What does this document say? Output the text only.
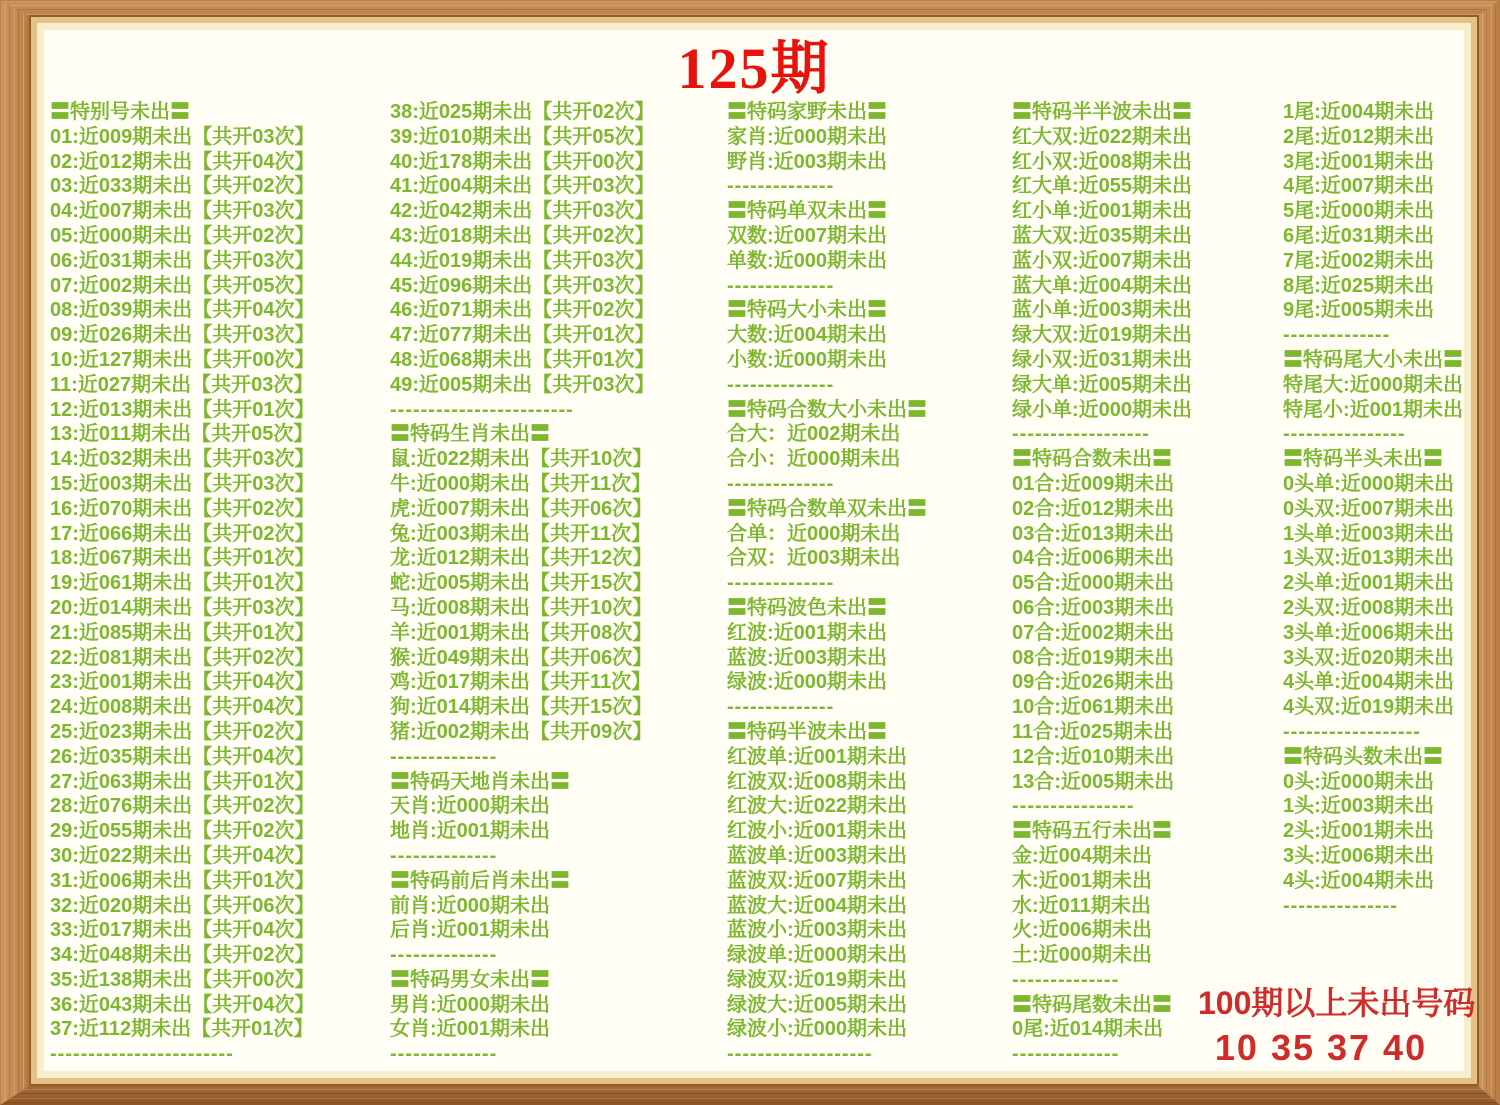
125期
〓特别号未出〓
01:近009期未出【共开03次】
02:近012期未出【共开04次】
03:近033期未出【共开02次】
04:近007期未出【共开03次】
05:近000期未出【共开02次】
06:近031期未出【共开03次】
07:近002期未出【共开05次】
08:近039期未出【共开04次】
09:近026期未出【共开03次】
10:近127期未出【共开00次】
11:近027期未出【共开03次】
12:近013期未出【共开01次】
13:近011期未出【共开05次】
14:近032期未出【共开03次】
15:近003期未出【共开03次】
16:近070期未出【共开02次】
17:近066期未出【共开02次】
18:近067期未出【共开01次】
19:近061期未出【共开01次】
20:近014期未出【共开03次】
21:近085期未出【共开01次】
22:近081期未出【共开02次】
23:近001期未出【共开04次】
24:近008期未出【共开04次】
25:近023期未出【共开02次】
26:近035期未出【共开04次】
27:近063期未出【共开01次】
28:近076期未出【共开02次】
29:近055期未出【共开02次】
30:近022期未出【共开04次】
31:近006期未出【共开01次】
32:近020期未出【共开06次】
33:近017期未出【共开04次】
34:近048期未出【共开02次】
35:近138期未出【共开00次】
36:近043期未出【共开04次】
37:近112期未出【共开01次】
------------------------
38:近025期未出【共开02次】
39:近010期未出【共开05次】
40:近178期未出【共开00次】
41:近004期未出【共开03次】
42:近042期未出【共开03次】
43:近018期未出【共开02次】
44:近019期未出【共开03次】
45:近096期未出【共开03次】
46:近071期未出【共开02次】
47:近077期未出【共开01次】
48:近068期未出【共开01次】
49:近005期未出【共开03次】
------------------------
〓特码生肖未出〓
鼠:近022期未出【共开10次】
牛:近000期未出【共开11次】
虎:近007期未出【共开06次】
兔:近003期未出【共开11次】
龙:近012期未出【共开12次】
蛇:近005期未出【共开15次】
马:近008期未出【共开10次】
羊:近001期未出【共开08次】
猴:近049期未出【共开06次】
鸡:近017期未出【共开11次】
狗:近014期未出【共开15次】
猪:近002期未出【共开09次】
--------------
〓特码天地肖未出〓
天肖:近000期未出
地肖:近001期未出
--------------
〓特码前后肖未出〓
前肖:近000期未出
后肖:近001期未出
--------------
〓特码男女未出〓
男肖:近000期未出
女肖:近001期未出
--------------
〓特码家野未出〓
家肖:近000期未出
野肖:近003期未出
--------------
〓特码单双未出〓
双数:近007期未出
单数:近000期未出
--------------
〓特码大小未出〓
大数:近004期未出
小数:近000期未出
--------------
〓特码合数大小未出〓
合大：近002期未出
合小：近000期未出
--------------
〓特码合数单双未出〓
合单：近000期未出
合双：近003期未出
--------------
〓特码波色未出〓
红波:近001期未出
蓝波:近003期未出
绿波:近000期未出
--------------
〓特码半波未出〓
红波单:近001期未出
红波双:近008期未出
红波大:近022期未出
红波小:近001期未出
蓝波单:近003期未出
蓝波双:近007期未出
蓝波大:近004期未出
蓝波小:近003期未出
绿波单:近000期未出
绿波双:近019期未出
绿波大:近005期未出
绿波小:近000期未出
-------------------
〓特码半半波未出〓
红大双:近022期未出
红小双:近008期未出
红大单:近055期未出
红小单:近001期未出
蓝大双:近035期未出
蓝小双:近007期未出
蓝大单:近004期未出
蓝小单:近003期未出
绿大双:近019期未出
绿小双:近031期未出
绿大单:近005期未出
绿小单:近000期未出
------------------
〓特码合数未出〓
01合:近009期未出
02合:近012期未出
03合:近013期未出
04合:近006期未出
05合:近000期未出
06合:近003期未出
07合:近002期未出
08合:近019期未出
09合:近026期未出
10合:近061期未出
11合:近025期未出
12合:近010期未出
13合:近005期未出
----------------
〓特码五行未出〓
金:近004期未出
木:近001期未出
水:近011期未出
火:近006期未出
土:近000期未出
--------------
〓特码尾数未出〓
0尾:近014期未出
--------------
1尾:近004期未出
2尾:近012期未出
3尾:近001期未出
4尾:近007期未出
5尾:近000期未出
6尾:近031期未出
7尾:近002期未出
8尾:近025期未出
9尾:近005期未出
--------------
〓特码尾大小未出〓
特尾大:近000期未出
特尾小:近001期未出
----------------
〓特码半头未出〓
0头单:近000期未出
0头双:近007期未出
1头单:近003期未出
1头双:近013期未出
2头单:近001期未出
2头双:近008期未出
3头单:近006期未出
3头双:近020期未出
4头单:近004期未出
4头双:近019期未出
------------------
〓特码头数未出〓
0头:近000期未出
1头:近003期未出
2头:近001期未出
3头:近006期未出
4头:近004期未出
---------------
100期以上未出号码
10 35 37 40
